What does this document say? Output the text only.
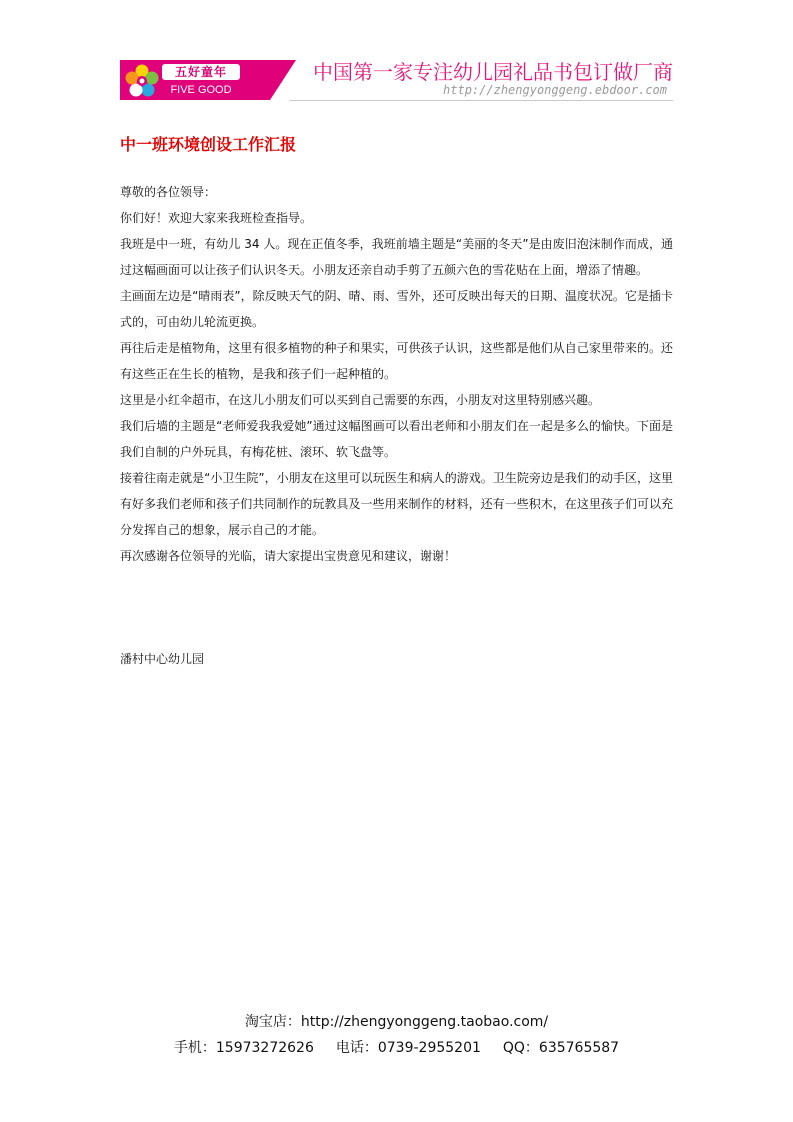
五好童年
FIVE GOOD
中国第一家专注幼儿园礼品书包订做厂商
http://zhengyonggeng.ebdoor.com
中一班环境创设工作汇报

尊敬的各位领导：

你们好！欢迎大家来我班检查指导。

我班是中一班，有幼儿 34 人。现在正值冬季，我班前墙主题是“美丽的冬天”是由废旧泡沫制作而成，通过这幅画面可以让孩子们认识冬天。小朋友还亲自动手剪了五颜六色的雪花贴在上面，增添了情趣。

主画面左边是“晴雨表”，除反映天气的阴、晴、雨、雪外，还可反映出每天的日期、温度状况。它是插卡式的，可由幼儿轮流更换。

再往后走是植物角，这里有很多植物的种子和果实，可供孩子认识，这些都是他们从自己家里带来的。还有这些正在生长的植物，是我和孩子们一起种植的。

这里是小红伞超市，在这儿小朋友们可以买到自己需要的东西，小朋友对这里特别感兴趣。

我们后墙的主题是“老师爱我我爱她”通过这幅图画可以看出老师和小朋友们在一起是多么的愉快。下面是我们自制的户外玩具，有梅花桩、滚环、软飞盘等。

接着往南走就是“小卫生院”，小朋友在这里可以玩医生和病人的游戏。卫生院旁边是我们的动手区，这里有好多我们老师和孩子们共同制作的玩教具及一些用来制作的材料，还有一些积木，在这里孩子们可以充分发挥自己的想象，展示自己的才能。

再次感谢各位领导的光临，请大家提出宝贵意见和建议，谢谢！

潘村中心幼儿园
淘宝店：http://zhengyonggeng.taobao.com/
手机：15973272626 电话：0739-2955201 QQ：635765587
